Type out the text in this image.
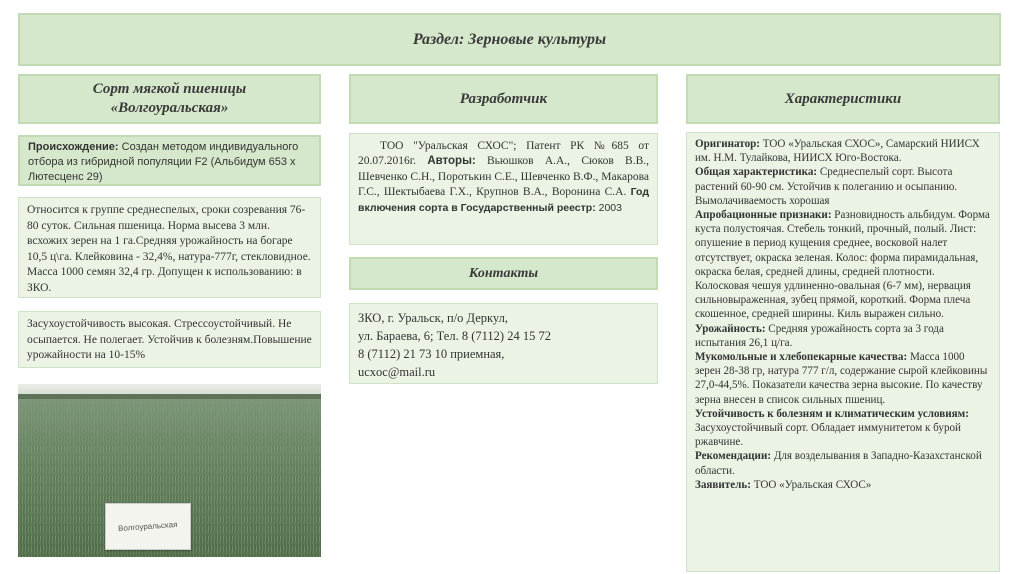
Раздел: Зерновые культуры
Сорт мягкой пшеницы
«Волгоуральская»
Происхождение: Создан методом индивидуального отбора из гибридной популяции F2 (Альбидум 653 х Лютесценс 29)
Относится к группе среднеспелых, сроки созревания 76-80 суток. Сильная пшеница. Норма высева 3 млн. всхожих зерен на 1 га.Средняя урожайность на богаре 10,5 ц\га. Клейковина - 32,4%, натура-777г, стекловидное. Масса 1000 семян 32,4 гр. Допущен к использованию: в ЗКО.
Засухоустойчивость высокая. Стрессоустойчивый. Не осыпается. Не полегает. Устойчив к болезням.Повышение урожайности на 10-15%
Волгоуральская
Разработчик
ТОО "Уральская СХОС"; Патент РК №685 от 20.07.2016г. Авторы: Вьюшков А.А., Сюков В.В., Шевченко С.Н., Поротькин С.Е., Шевченко В.Ф., Макарова Г.С., Шектыбаева Г.Х., Крупнов В.А., Воронина С.А. Год включения сорта в Государственный реестр: 2003
Контакты
ЗКО, г. Уральск, п/о Деркул,
ул. Бараева, 6; Тел. 8 (7112) 24 15 72
8 (7112) 21 73 10 приемная,
ucxoc@mail.ru
Характеристики
Оригинатор: ТОО «Уральская СХОС», Самарский НИИСХ им. Н.М. Тулайкова, НИИСХ Юго-Востока.
Общая характеристика: Среднеспелый сорт. Высота растений 60-90 см. Устойчив к полеганию и осыпанию. Вымолачиваемость хорошая
Апробационные признаки: Разновидность альбидум. Форма куста полустоячая. Стебель тонкий, прочный, полый. Лист: опушение в период кущения среднее, восковой налет отсутствует, окраска зеленая. Колос: форма пирамидальная, окраска белая, средней длины, средней плотности. Колосковая чешуя удлиненно-овальная (6-7 мм), нервация сильновыраженная, зубец прямой, короткий. Форма плеча скошенное, средней ширины. Киль выражен сильно.
Урожайность: Средняя урожайность сорта за 3 года испытания 26,1 ц/га.
Мукомольные и хлебопекарные качества: Масса 1000 зерен 28-38 гр, натура 777 г/л, содержание сырой клейковины 27,0-44,5%. Показатели качества зерна высокие. По качеству зерна внесен в список сильных пшениц.
Устойчивость к болезням и климатическим условиям: Засухоустойчивый сорт. Обладает иммунитетом к бурой ржавчине.
Рекомендации: Для возделывания в Западно-Казахстанской области.
Заявитель: ТОО «Уральская СХОС»
